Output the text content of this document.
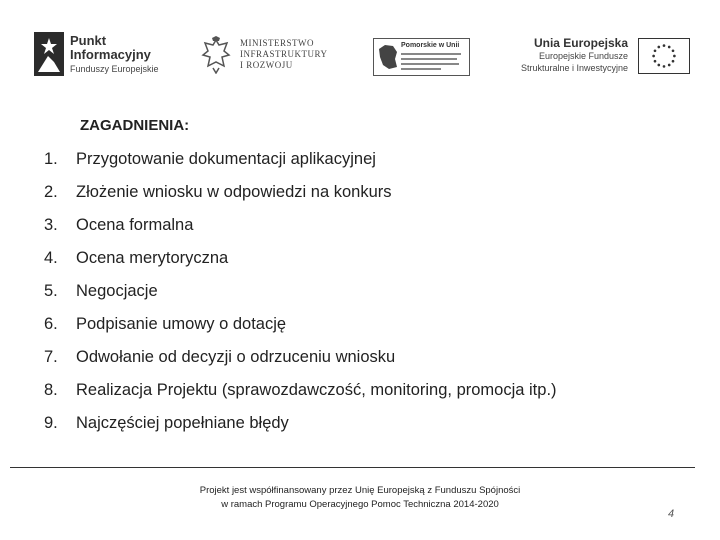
Punkt
Informacyjny
Funduszy Europejskie
MINISTERSTWO
INFRASTRUKTURY
I ROZWOJU
Pomorskie w Unii	Unia Europejska
Europejskie Fundusze
Strukturalne i Inwestycyjne
ZAGADNIENIA:
1. Przygotowanie dokumentacji aplikacyjnej
2. Złożenie wniosku w odpowiedzi na konkurs
3. Ocena formalna
4. Ocena merytoryczna
5. Negocjacje
6. Podpisanie umowy o dotację
7. Odwołanie od decyzji o odrzuceniu wniosku
8. Realizacja Projektu (sprawozdawczość, monitoring, promocja itp.)
9. Najczęściej popełniane błędy
Projekt jest współfinansowany przez Unię Europejską z Funduszu Spójności
w ramach Programu Operacyjnego Pomoc Techniczna 2014-2020
4
